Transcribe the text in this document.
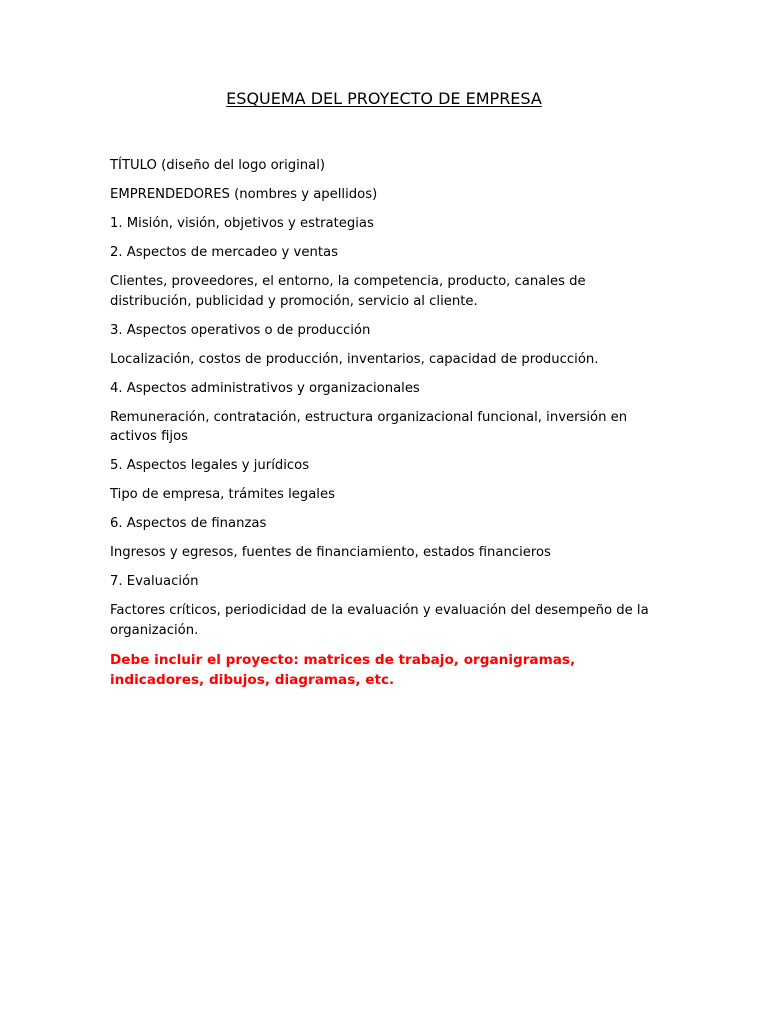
ESQUEMA DEL PROYECTO DE EMPRESA

TÍTULO (diseño del logo original)

EMPRENDEDORES (nombres y apellidos)

1. Misión, visión, objetivos y estrategias

2. Aspectos de mercadeo y ventas

Clientes, proveedores, el entorno, la competencia, producto, canales de distribución, publicidad y promoción, servicio al cliente.

3. Aspectos operativos o de producción

Localización, costos de producción, inventarios, capacidad de producción.

4. Aspectos administrativos y organizacionales

Remuneración, contratación, estructura organizacional funcional, inversión en activos fijos

5. Aspectos legales y jurídicos

Tipo de empresa, trámites legales

6. Aspectos de finanzas

Ingresos y egresos, fuentes de financiamiento, estados financieros

7. Evaluación

Factores críticos, periodicidad de la evaluación y evaluación del desempeño de la organización.

Debe incluir el proyecto: matrices de trabajo, organigramas, indicadores, dibujos, diagramas, etc.
